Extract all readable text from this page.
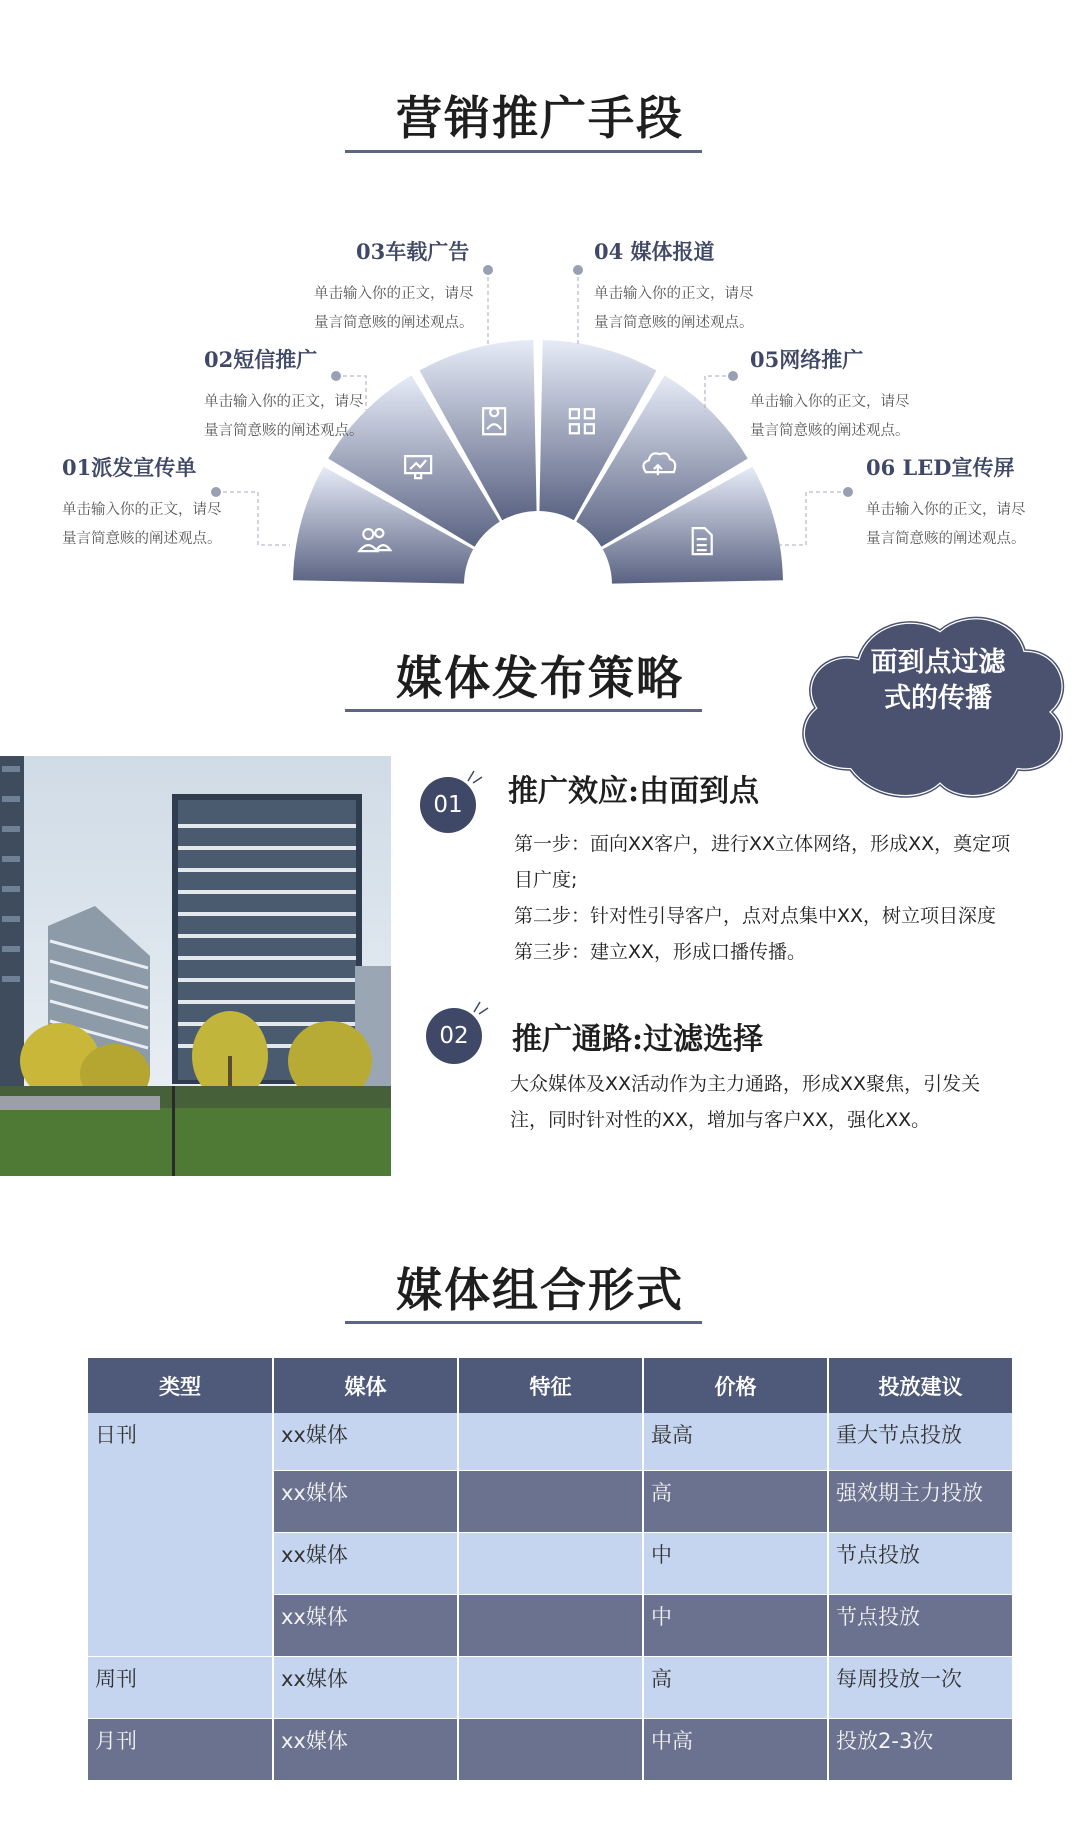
营销推广手段
01派发宣传单
单击输入你的正文，请尽
量言简意赅的阐述观点。
02短信推广
单击输入你的正文，请尽
量言简意赅的阐述观点。
03车载广告
单击输入你的正文，请尽
量言简意赅的阐述观点。
04 媒体报道
单击输入你的正文，请尽
量言简意赅的阐述观点。
05网络推广
单击输入你的正文，请尽
量言简意赅的阐述观点。
06 LED宣传屏
单击输入你的正文，请尽
量言简意赅的阐述观点。
媒体发布策略	面到点过滤
式的传播
01	推广效应:由面到点
第一步：面向XX客户，进行XX立体网络，形成XX，奠定项
目广度;
第二步：针对性引导客户，点对点集中XX，树立项目深度
第三步：建立XX，形成口播传播。
02	推广通路:过滤选择
大众媒体及XX活动作为主力通路，形成XX聚焦，引发关
注，同时针对性的XX，增加与客户XX，强化XX。
媒体组合形式
类型	媒体	特征	价格	投放建议
日刊	xx媒体		最高	重大节点投放
	xx媒体		高	强效期主力投放
	xx媒体		中	节点投放
	xx媒体		中	节点投放
周刊	xx媒体		高	每周投放一次
月刊	xx媒体		中高	投放2-3次
